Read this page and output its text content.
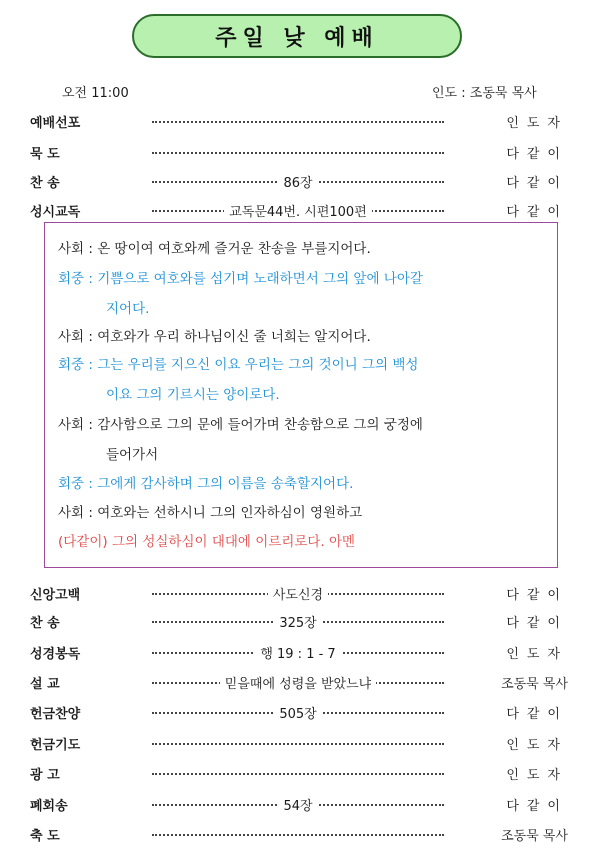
주일 낮 예배
오전 11:00	인도 : 조동묵 목사
예배선포	인도자
묵 도	다같이
찬 송	86장	다같이
성시교독	교독문44번. 시편100편	다같이
사회 : 온 땅이여 여호와께 즐거운 찬송을 부를지어다.
회중 : 기쁨으로 여호와를 섬기며 노래하면서 그의 앞에 나아갈
지어다.
사회 : 여호와가 우리 하나님이신 줄 너희는 알지어다.
회중 : 그는 우리를 지으신 이요 우리는 그의 것이니 그의 백성
이요 그의 기르시는 양이로다.
사회 : 감사함으로 그의 문에 들어가며 찬송함으로 그의 궁정에
들어가서
회중 : 그에게 감사하며 그의 이름을 송축할지어다.
사회 : 여호와는 선하시니 그의 인자하심이 영원하고
(다같이) 그의 성실하심이 대대에 이르리로다. 아멘
신앙고백	사도신경	다같이
찬 송	325장	다같이
성경봉독	행 19 : 1 - 7	인도자
설 교	믿을때에 성령을 받았느냐	조동묵 목사
헌금찬양	505장	다같이
헌금기도	인도자
광 고	인도자
폐회송	54장	다같이
축 도	조동묵 목사
